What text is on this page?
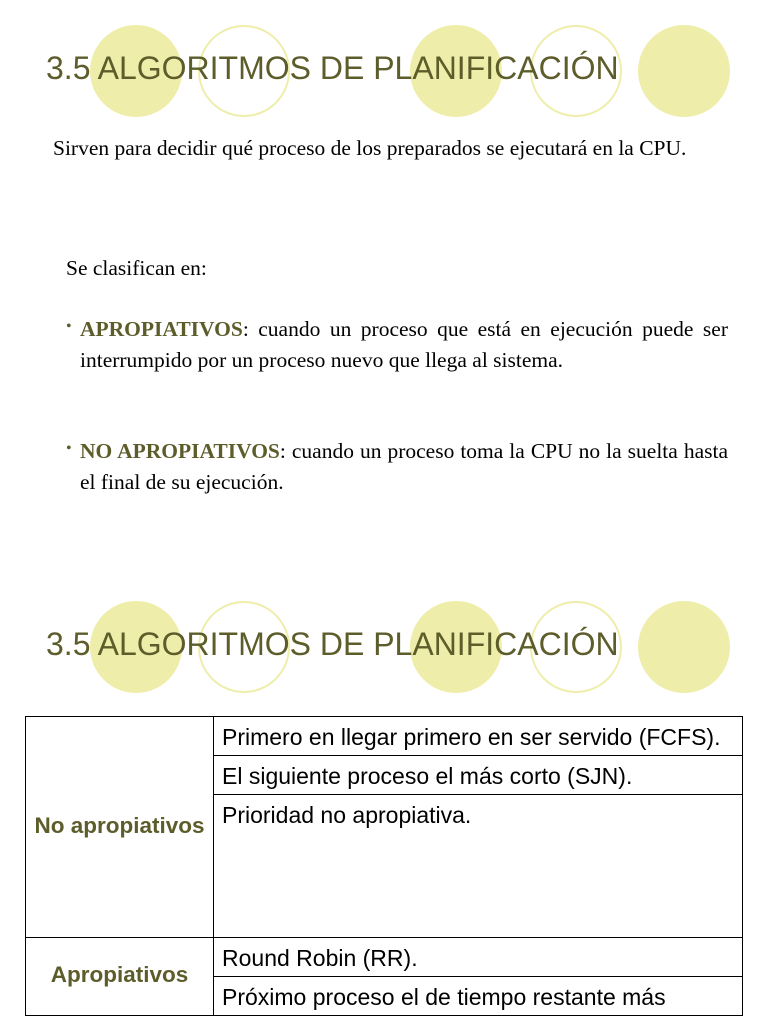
3.5 ALGORITMOS DE PLANIFICACIÓN

Sirven para decidir qué proceso de los preparados se ejecutará en la CPU.

Se clasifican en:

• APROPIATIVOS: cuando un proceso que está en ejecución puede ser interrumpido por un proceso nuevo que llega al sistema.

• NO APROPIATIVOS: cuando un proceso toma la CPU no la suelta hasta el final de su ejecución.

3.5 ALGORITMOS DE PLANIFICACIÓN
No apropiativos	Primero en llegar primero en ser servido (FCFS).
	El siguiente proceso el más corto (SJN).
	Prioridad no apropiativa.
Apropiativos	Round Robin (RR).
	Próximo proceso el de tiempo restante más
